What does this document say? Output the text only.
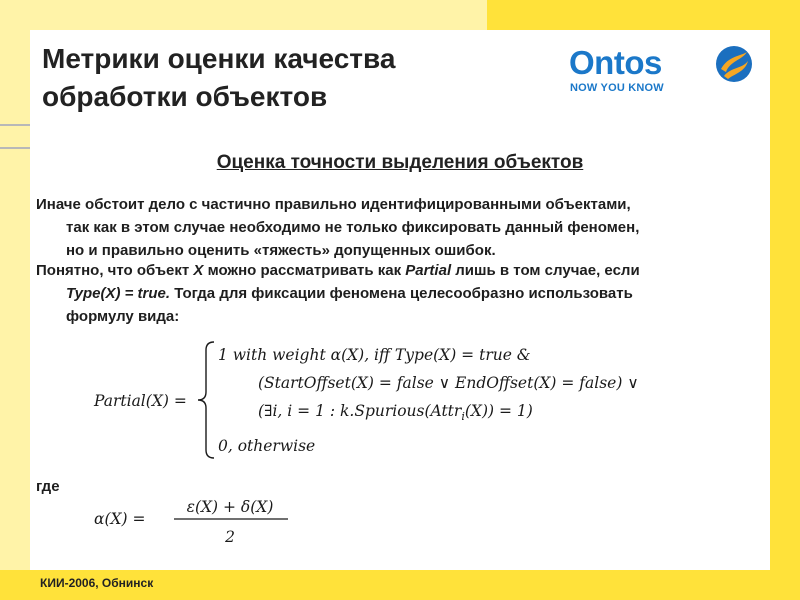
Метрики оценки качества
обработки объектов
Ontos
NOW YOU KNOW
Оценка точности выделения объектов

Иначе обстоит дело с частично правильно идентифицированными объектами,
так как в этом случае необходимо не только фиксировать данный феномен,
но и правильно оценить «тяжесть» допущенных ошибок.

Понятно, что объект X можно рассматривать как Partial лишь в том случае, если
Type(X) = true. Тогда для фиксации феномена целесообразно использовать
формулу вида:

Partial(X) =
1 with weight α(X), iff Type(X) = true &
(StartOffset(X) = false ∨ EndOffset(X) = false) ∨
(∃i, i = 1 : k.Spurious(Attr$_i$(X)) = 1)
0, otherwise
где
α(X) =
ε(X) + δ(X)
2
КИИ-2006, Обнинск
